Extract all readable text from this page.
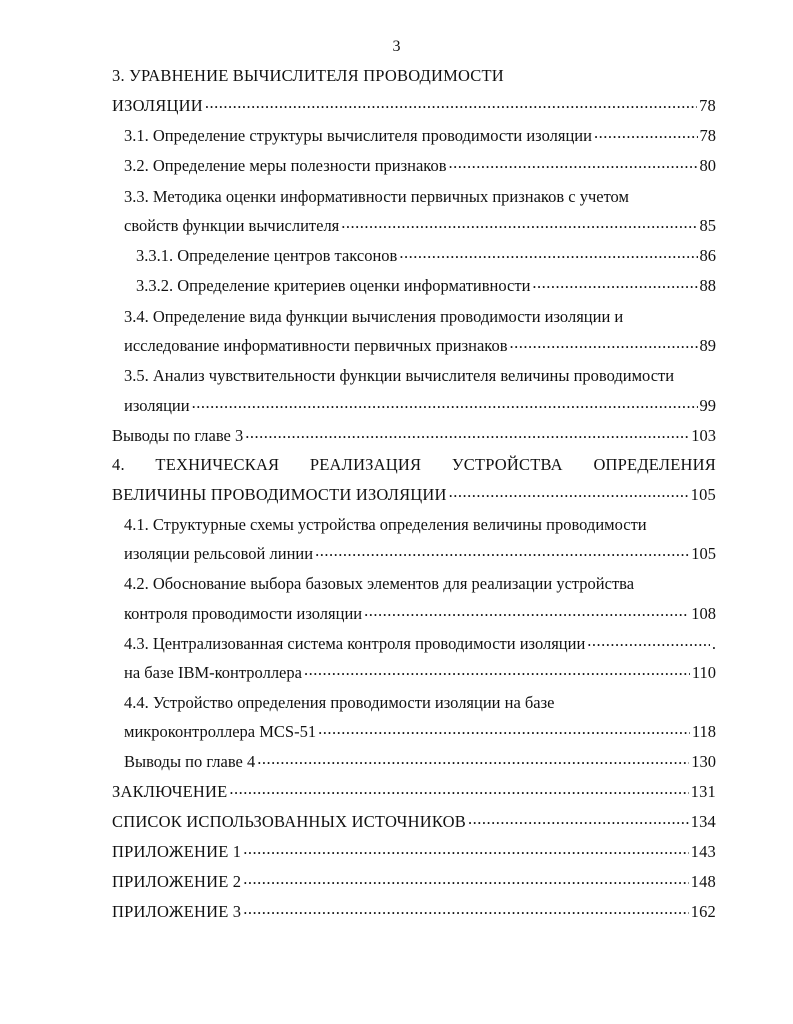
3
3. УРАВНЕНИЕ ВЫЧИСЛИТЕЛЯ ПРОВОДИМОСТИ
ИЗОЛЯЦИИ .....	78
3.1. Определение структуры вычислителя проводимости изоляции .....	78
3.2. Определение меры полезности признаков .....	80
3.3. Методика оценки информативности первичных признаков с учетом
свойств функции вычислителя .....	85
3.3.1. Определение центров таксонов .....	86
3.3.2. Определение критериев оценки информативности .....	88
3.4. Определение вида функции вычисления проводимости изоляции и
исследование информативности первичных признаков .....	89
3.5. Анализ чувствительности функции вычислителя величины проводимости
изоляции .....	99
Выводы по главе 3 .....	103
4. ТЕХНИЧЕСКАЯ РЕАЛИЗАЦИЯ УСТРОЙСТВА ОПРЕДЕЛЕНИЯ
ВЕЛИЧИНЫ ПРОВОДИМОСТИ ИЗОЛЯЦИИ .....	105
4.1. Структурные схемы устройства определения величины проводимости
изоляции рельсовой линии .....	105
4.2. Обоснование выбора базовых элементов для реализации устройства
контроля проводимости изоляции .....	108
4.3. Централизованная система контроля проводимости изоляции .....	.
на базе IBM-контроллера .....	110
4.4. Устройство определения проводимости изоляции на базе
микроконтроллера MCS-51 .....	118
Выводы по главе 4 .....	130
ЗАКЛЮЧЕНИЕ .....	131
СПИСОК ИСПОЛЬЗОВАННЫХ ИСТОЧНИКОВ .....	134
ПРИЛОЖЕНИЕ 1 .....	143
ПРИЛОЖЕНИЕ 2 .....	148
ПРИЛОЖЕНИЕ 3 .....	162
